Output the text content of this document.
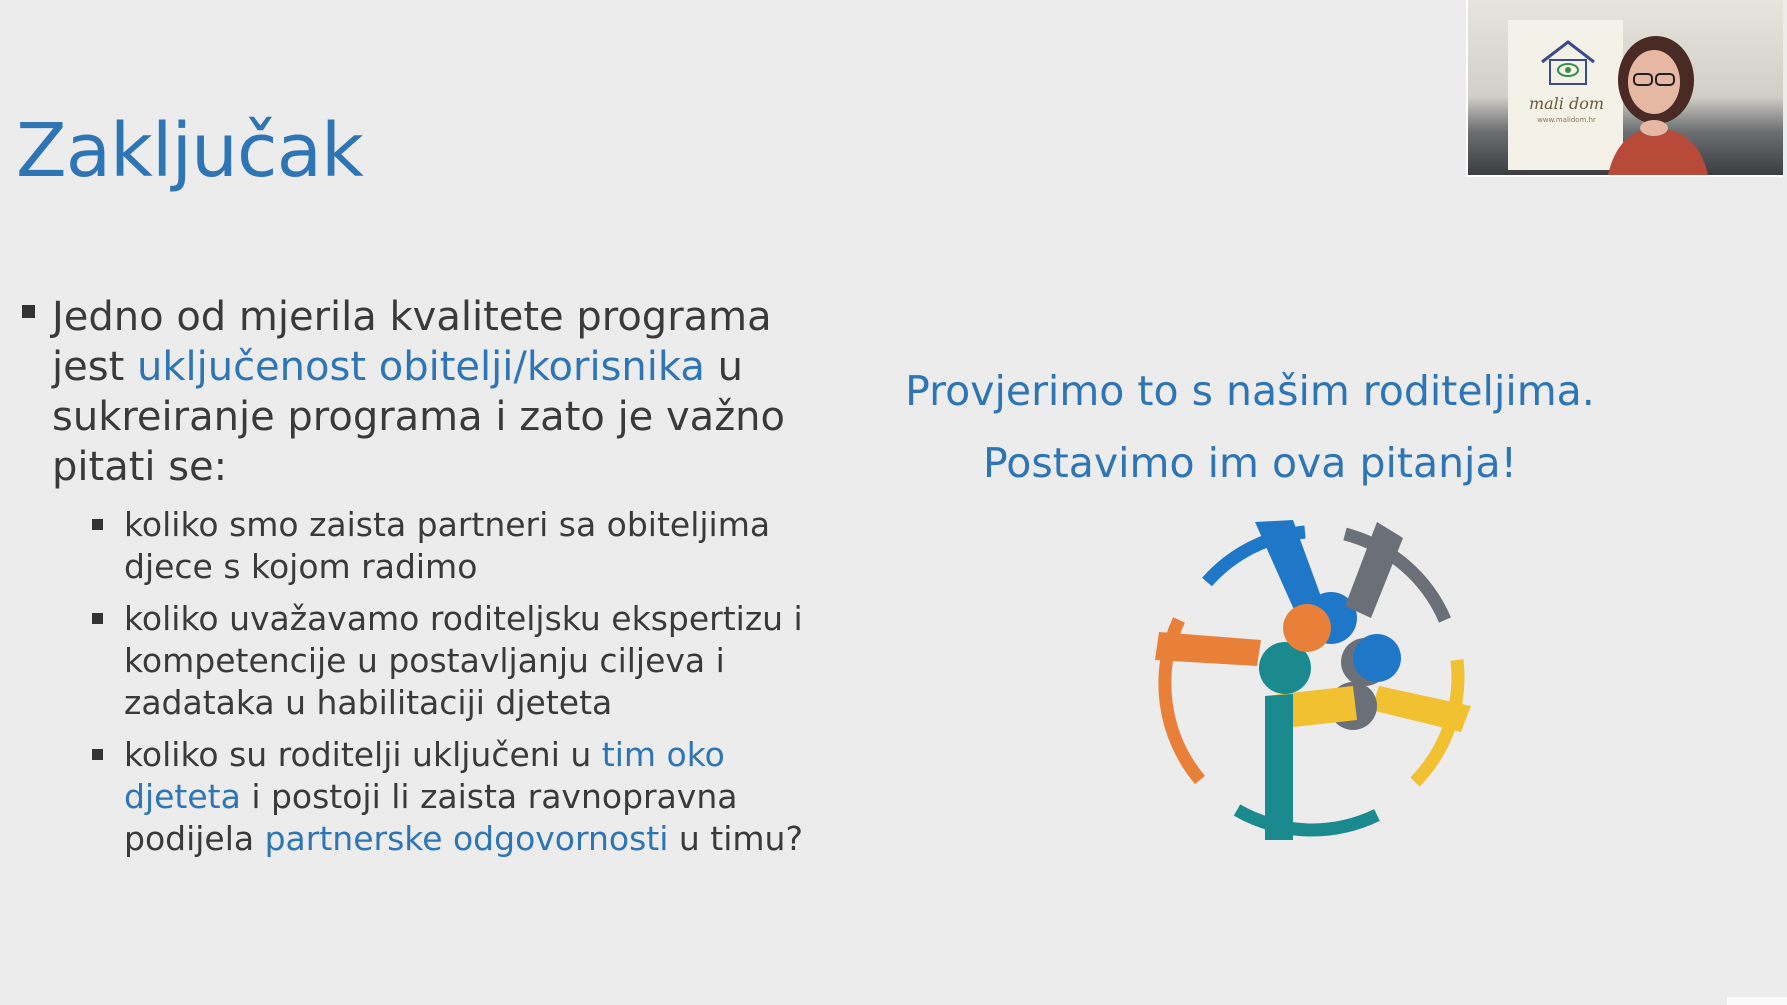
Zaključak
Jedno od mjerila kvalitete programa jest uključenost obitelji/korisnika u sukreiranje programa i zato je važno pitati se:
koliko smo zaista partneri sa obiteljima djece s kojom radimo
koliko uvažavamo roditeljsku ekspertizu i kompetencije u postavljanju ciljeva i zadataka u habilitaciji djeteta
koliko su roditelji uključeni u tim oko djeteta i postoji li zaista ravnopravna podijela partnerske odgovornosti u timu?
Provjerimo to s našim roditeljima.
Postavimo im ova pitanja!
mali dom
www.malidom.hr
